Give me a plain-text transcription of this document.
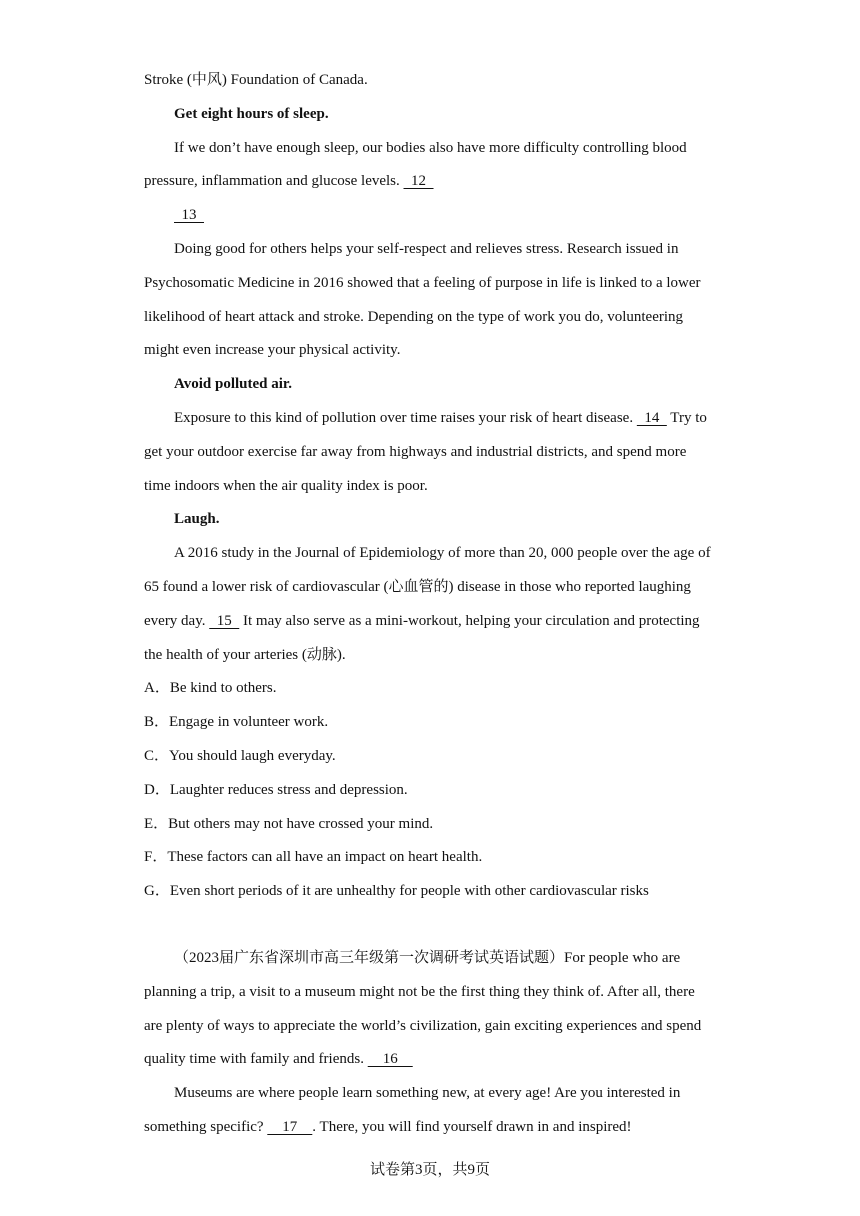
Stroke (中风) Foundation of Canada.

Get eight hours of sleep.

If we don’t have enough sleep, our bodies also have more difficulty controlling blood pressure, inflammation and glucose levels.   12

13

Doing good for others helps your self-respect and relieves stress. Research issued in Psychosomatic Medicine in 2016 showed that a feeling of purpose in life is linked to a lower likelihood of heart attack and stroke. Depending on the type of work you do, volunteering might even increase your physical activity.

Avoid polluted air.

Exposure to this kind of pollution over time raises your risk of heart disease.   14   Try to get your outdoor exercise far away from highways and industrial districts, and spend more time indoors when the air quality index is poor.

Laugh.

A 2016 study in the Journal of Epidemiology of more than 20, 000 people over the age of 65 found a lower risk of cardiovascular (心血管的) disease in those who reported laughing every day.   15   It may also serve as a mini-workout, helping your circulation and protecting the health of your arteries (动脉).

A．Be kind to others.

B．Engage in volunteer work.

C．You should laugh everyday.

D．Laughter reduces stress and depression.

E．But others may not have crossed your mind.

F．These factors can all have an impact on heart health.

G．Even short periods of it are unhealthy for people with other cardiovascular risks

（2023届广东省深圳市高三年级第一次调研考试英语试题）For people who are planning a trip, a visit to a museum might not be the first thing they think of. After all, there are plenty of ways to appreciate the world’s civilization, gain exciting experiences and spend quality time with family and friends.     16

Museums are where people learn something new, at every age! Are you interested in something specific?     17    . There, you will find yourself drawn in and inspired!

试卷第3页，共9页
